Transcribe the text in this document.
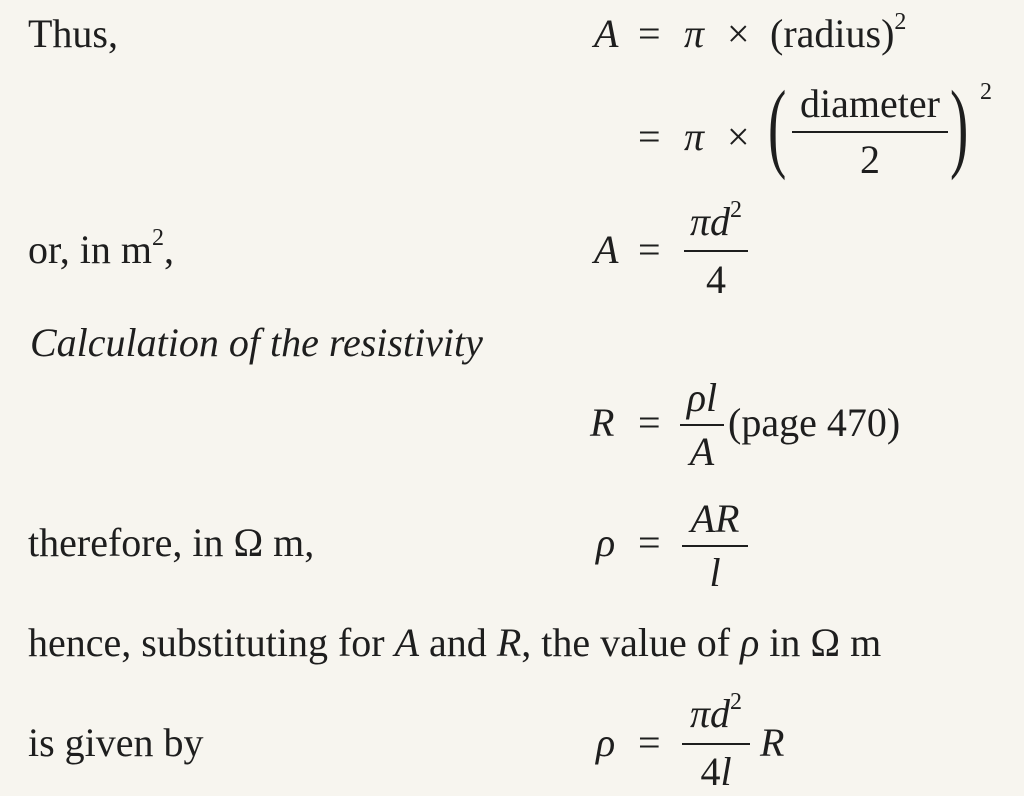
Thus,	A = π × (radius)$^2$
= π × ( diameter
2 ) 2
or, in $m^2$,	A =
$\pi d^2$
4
Calculation of the resistivity
R =
ρl
A
(page 470)
therefore, in Ω m,	ρ =
AR
l
hence, substituting for A and R, the value of ρ in Ω m
is given by	ρ =
$\pi d^2$
4l
R
